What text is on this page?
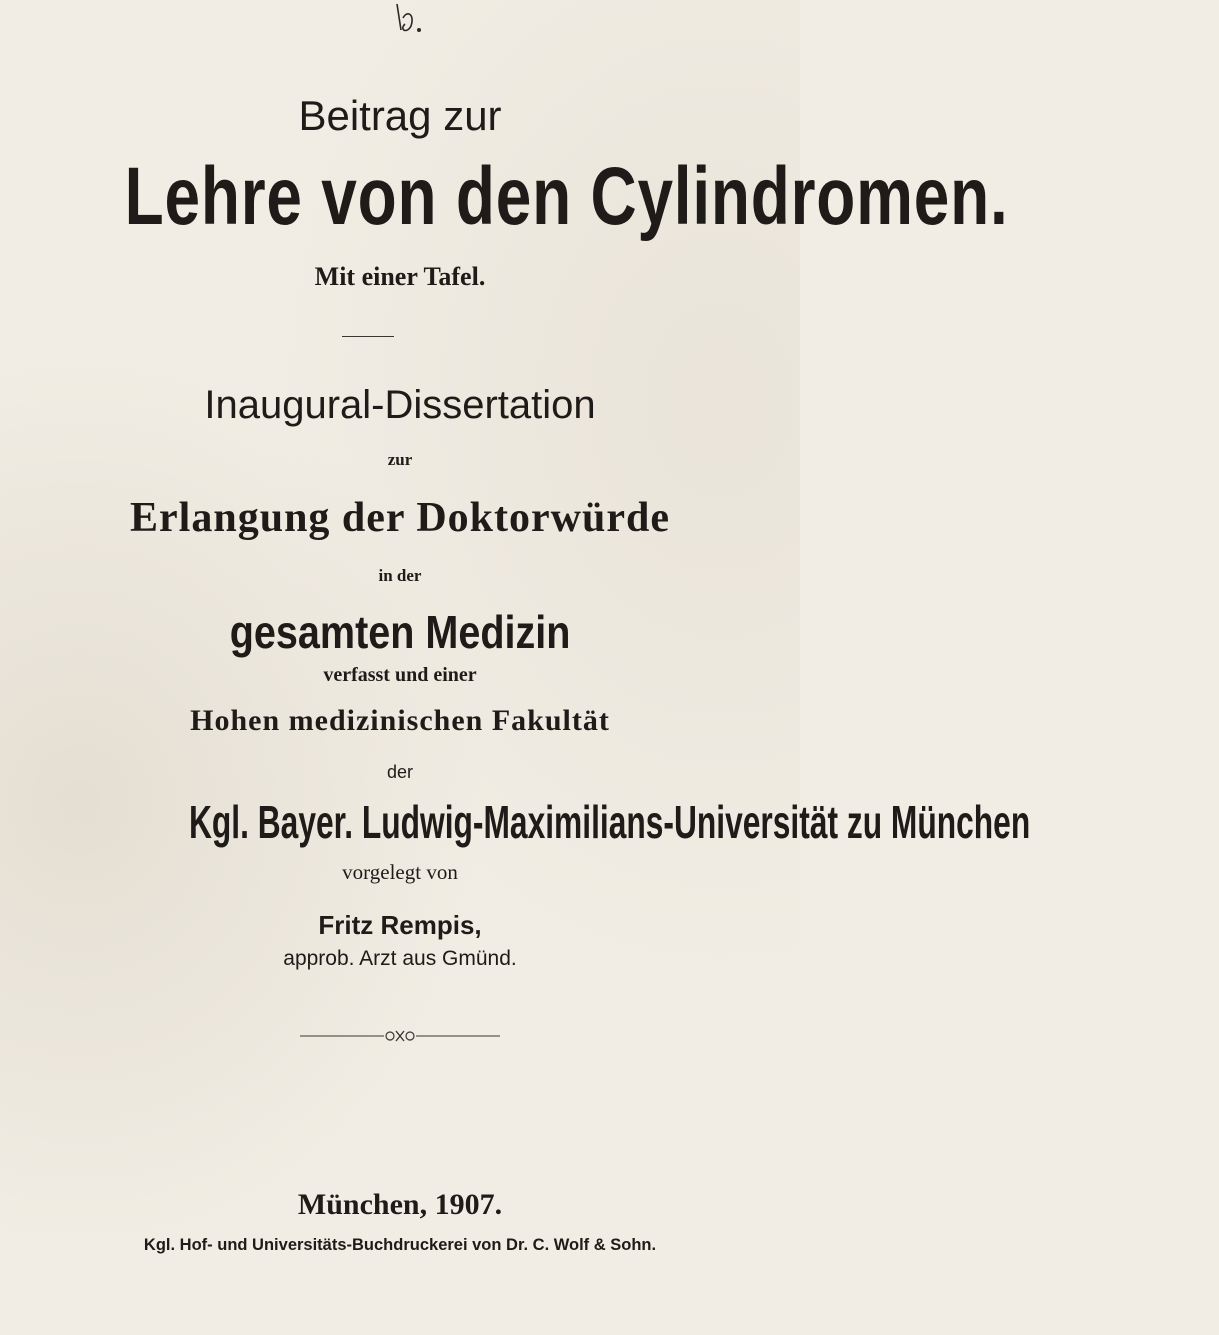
Beitrag zur
Lehre von den Cylindromen.
Mit einer Tafel.
Inaugural-Dissertation
zur
Erlangung der Doktorwürde
in der
gesamten Medizin
verfasst und einer
Hohen medizinischen Fakultät
der
Kgl. Bayer. Ludwig-Maximilians-Universität zu München
vorgelegt von
Fritz Rempis,
approb. Arzt aus Gmünd.
München, 1907.
Kgl. Hof- und Universitäts-Buchdruckerei von Dr. C. Wolf & Sohn.
